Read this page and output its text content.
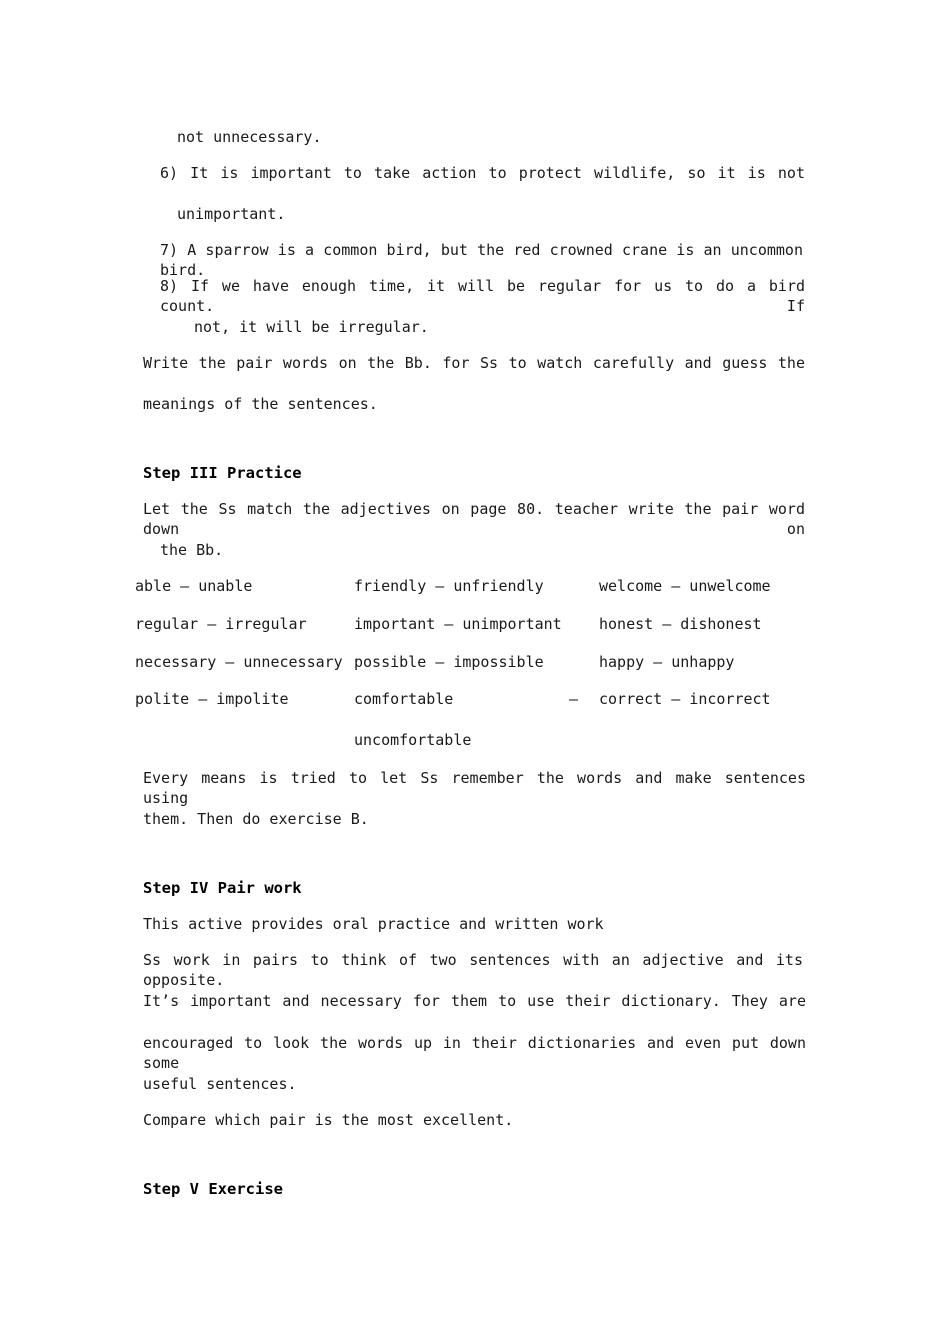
not unnecessary.
6) It is important to take action to protect wildlife, so it is not
unimportant.
7) A sparrow is a common bird, but the red crowned crane is an uncommon bird.
8) If we have enough time, it will be regular for us to do a bird count. If
not, it will be irregular.
Write the pair words on the Bb. for Ss to watch carefully and guess the
meanings of the sentences.
Step III Practice
Let the Ss match the adjectives on page 80. teacher write the pair word down on
the Bb.
able – unable
regular – irregular
necessary – unnecessary
polite – impolite
friendly – unfriendly
important – unimportant
possible – impossible
comfortable	–
uncomfortable
welcome – unwelcome
honest – dishonest
happy – unhappy
correct – incorrect
Every means is tried to let Ss remember the words and make sentences using
them. Then do exercise B.
Step IV Pair work
This active provides oral practice and written work
Ss work in pairs to think of two sentences with an adjective and its opposite.
It’s important and necessary for them to use their dictionary. They are
encouraged to look the words up in their dictionaries and even put down some
useful sentences.
Compare which pair is the most excellent.
Step V Exercise
